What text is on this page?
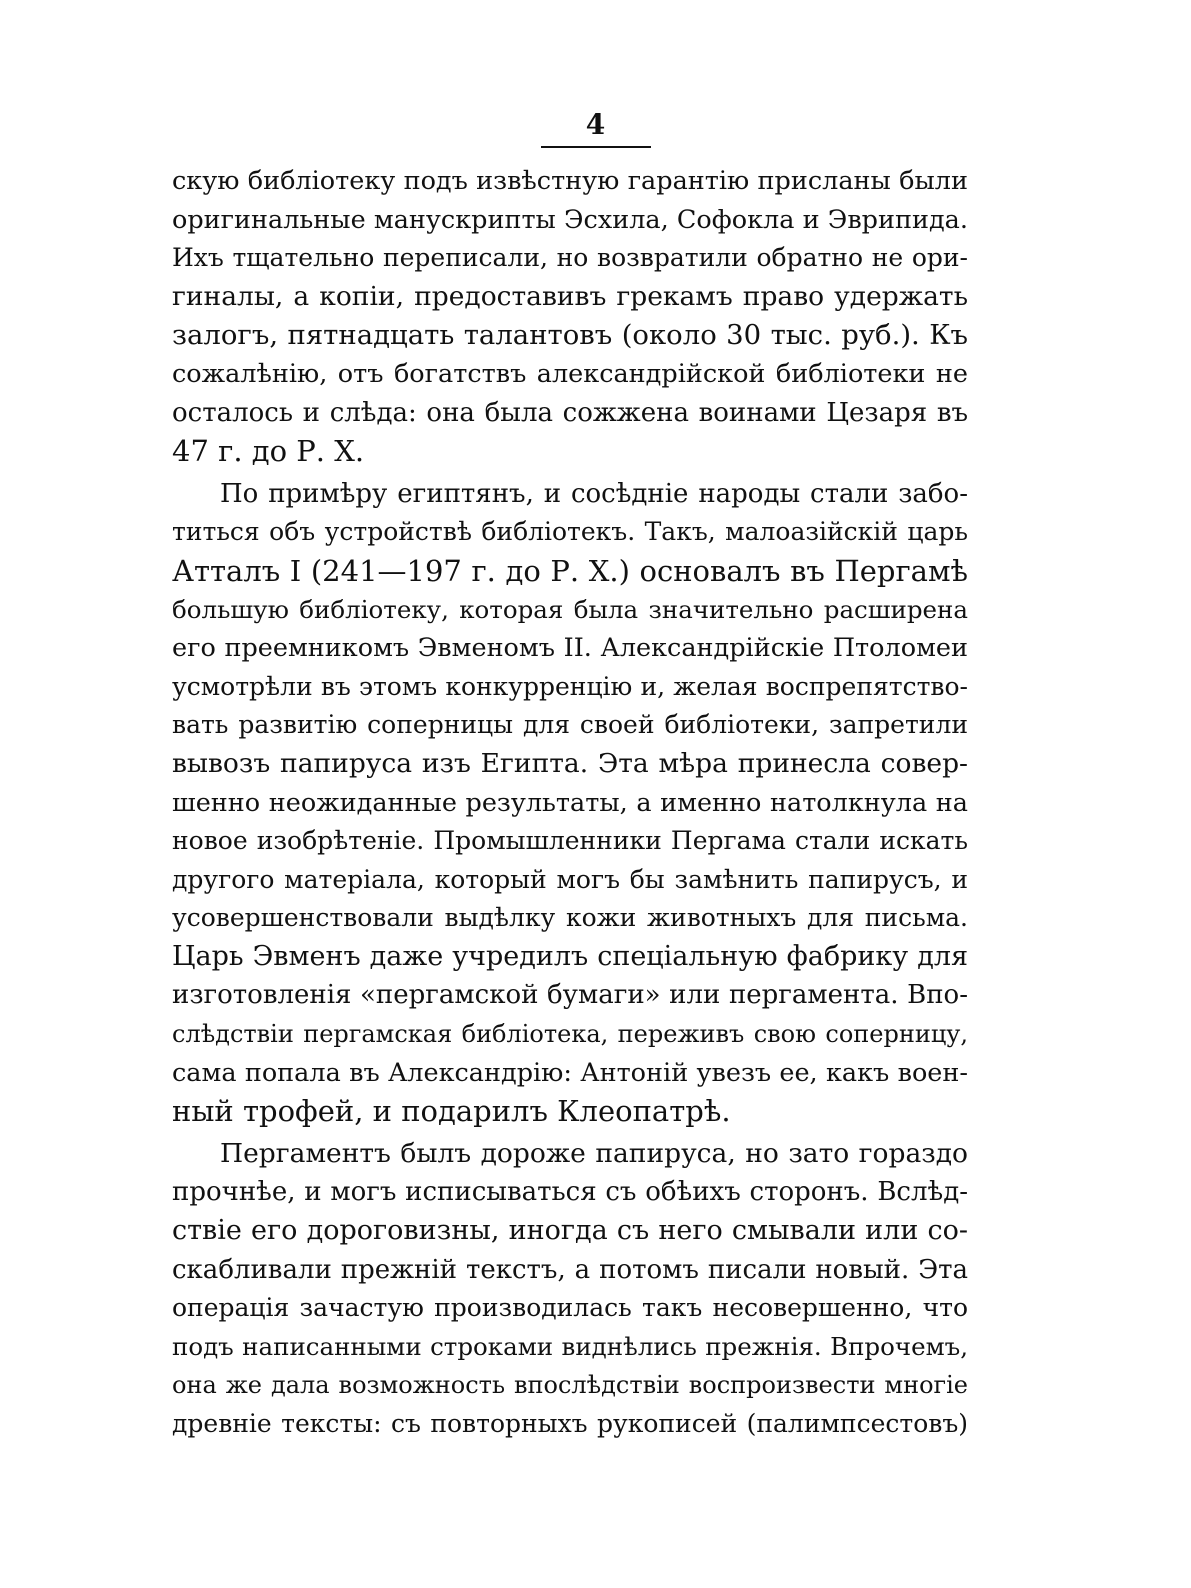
4
скую библіотеку подъ извѣстную гарантію присланы были
оригинальные манускрипты Эсхила, Софокла и Эврипида.
Ихъ тщательно переписали, но возвратили обратно не ори-
гиналы, а копіи, предоставивъ грекамъ право удержать
залогъ, пятнадцать талантовъ (около 30 тыс. руб.). Къ
сожалѣнію, отъ богатствъ александрійской библіотеки не
осталось и слѣда: она была сожжена воинами Цезаря въ
47 г. до Р. Х.
По примѣру египтянъ, и сосѣдніе народы стали забо-
титься объ устройствѣ библіотекъ. Такъ, малоазійскій царь
Атталъ I (241—197 г. до Р. Х.) основалъ въ Пергамѣ
большую библіотеку, которая была значительно расширена
его преемникомъ Эвменомъ II. Александрійскіе Птоломеи
усмотрѣли въ этомъ конкурренцію и, желая воспрепятство-
вать развитію соперницы для своей библіотеки, запретили
вывозъ папируса изъ Египта. Эта мѣра принесла совер-
шенно неожиданные результаты, а именно натолкнула на
новое изобрѣтеніе. Промышленники Пергама стали искать
другого матеріала, который могъ бы замѣнить папирусъ, и
усовершенствовали выдѣлку кожи животныхъ для письма.
Царь Эвменъ даже учредилъ спеціальную фабрику для
изготовленія «пергамской бумаги» или пергамента. Впо-
слѣдствіи пергамская библіотека, переживъ свою соперницу,
сама попала въ Александрію: Антоній увезъ ее, какъ воен-
ный трофей, и подарилъ Клеопатрѣ.
Пергаментъ былъ дороже папируса, но зато гораздо
прочнѣе, и могъ исписываться съ обѣихъ сторонъ. Вслѣд-
ствіе его дороговизны, иногда съ него смывали или со-
скабливали прежній текстъ, а потомъ писали новый. Эта
операція зачастую производилась такъ несовершенно, что
подъ написанными строками виднѣлись прежнія. Впрочемъ,
она же дала возможность впослѣдствіи воспроизвести многіе
древніе тексты: съ повторныхъ рукописей (палимпсестовъ)
